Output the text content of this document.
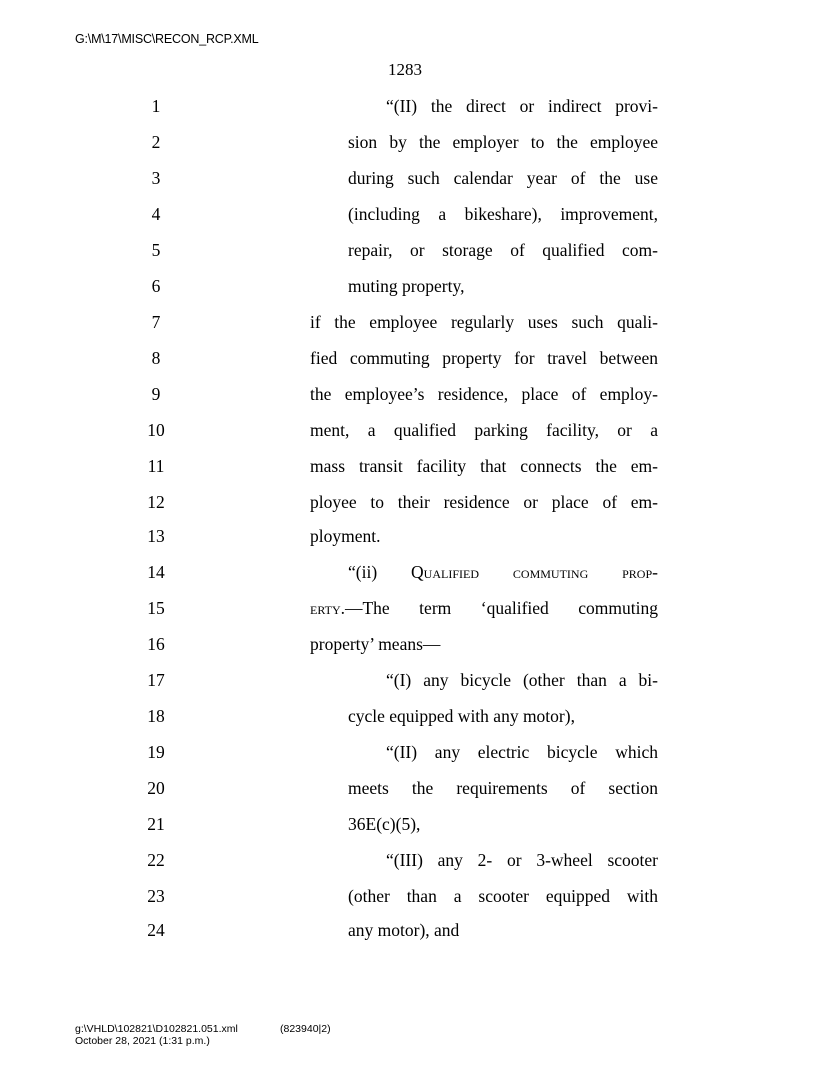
G:\M\17\MISC\RECON_RCP.XML
1283
1	“(II) the direct or indirect provi-
2	sion by the employer to the employee
3	during such calendar year of the use
4	(including a bikeshare), improvement,
5	repair, or storage of qualified com-
6	muting property,
7	if the employee regularly uses such quali-
8	fied commuting property for travel between
9	the employee’s residence, place of employ-
10	ment, a qualified parking facility, or a
11	mass transit facility that connects the em-
12	ployee to their residence or place of em-
13	ployment.
14	“(ii) Qualified commuting prop-
15	erty.—The term ‘qualified commuting
16	property’ means—
17	“(I) any bicycle (other than a bi-
18	cycle equipped with any motor),
19	“(II) any electric bicycle which
20	meets the requirements of section
21	36E(c)(5),
22	“(III) any 2- or 3-wheel scooter
23	(other than a scooter equipped with
24	any motor), and
g:\VHLD\102821\D102821.051.xml
October 28, 2021 (1:31 p.m.)
(823940|2)
